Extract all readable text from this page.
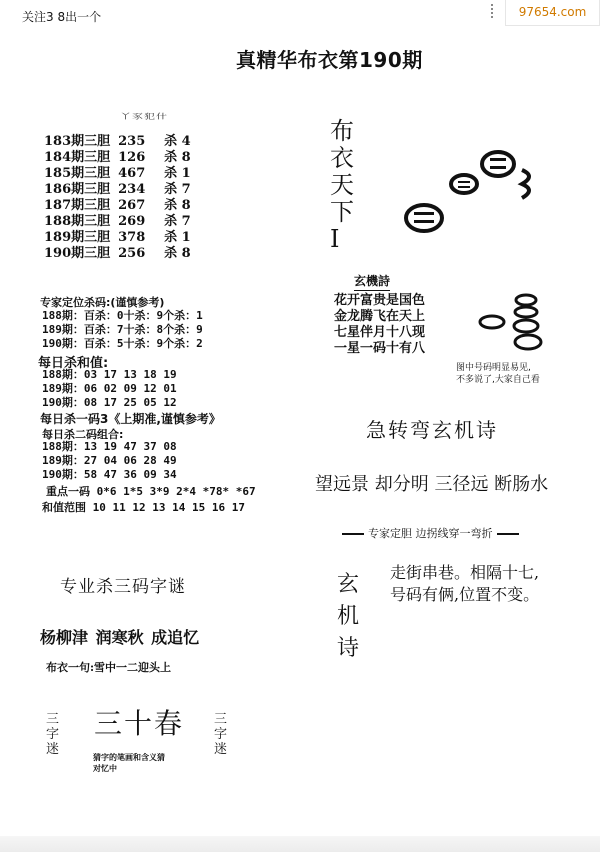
关注3 8出一个	97654.com
真精华布衣第190期
丫豕犯什
183期三胆 235	杀 4
184期三胆 126	杀 8
185期三胆 467	杀 1
186期三胆 234	杀 7
187期三胆 267	杀 8
188期三胆 269	杀 7
189期三胆 378	杀 1
190期三胆 256	杀 8
专家定位杀码:(谨慎参考)
188期：百杀：0十杀：9个杀：1
189期：百杀：7十杀：8个杀：9
190期：百杀：5十杀：9个杀：2
每日杀和值:
188期：03 17 13 18 19
189期：06 02 09 12 01
190期：08 17 25 05 12
每日杀一码3《上期准,谨慎参考》
每日杀二码组合:
188期：13 19 47 37 08
189期：27 04 06 28 49
190期：58 47 36 09 34
重点一码 0*6 1*5 3*9 2*4 *78* *67
和值范围 10 11 12 13 14 15 16 17
布
衣
天
下
I
玄機詩
花开富贵是国色
金龙腾飞在天上
七星伴月十八现
一星一码十有八
图中号码明显易见,
不多说了,大家自己看
急转弯玄机诗
望远景 却分明 三径远 断肠水
专家定胆 边拐线穿一弯折
玄
机
诗
走街串巷。相隔十七,
号码有俩,位置不变。
专业杀三码字谜
杨柳津 润寒秋 成追忆
布衣一句:雪中一二迎头上
三十春
三
字
迷
三
字
迷
猜字的笔画和含义猜
对忆中
